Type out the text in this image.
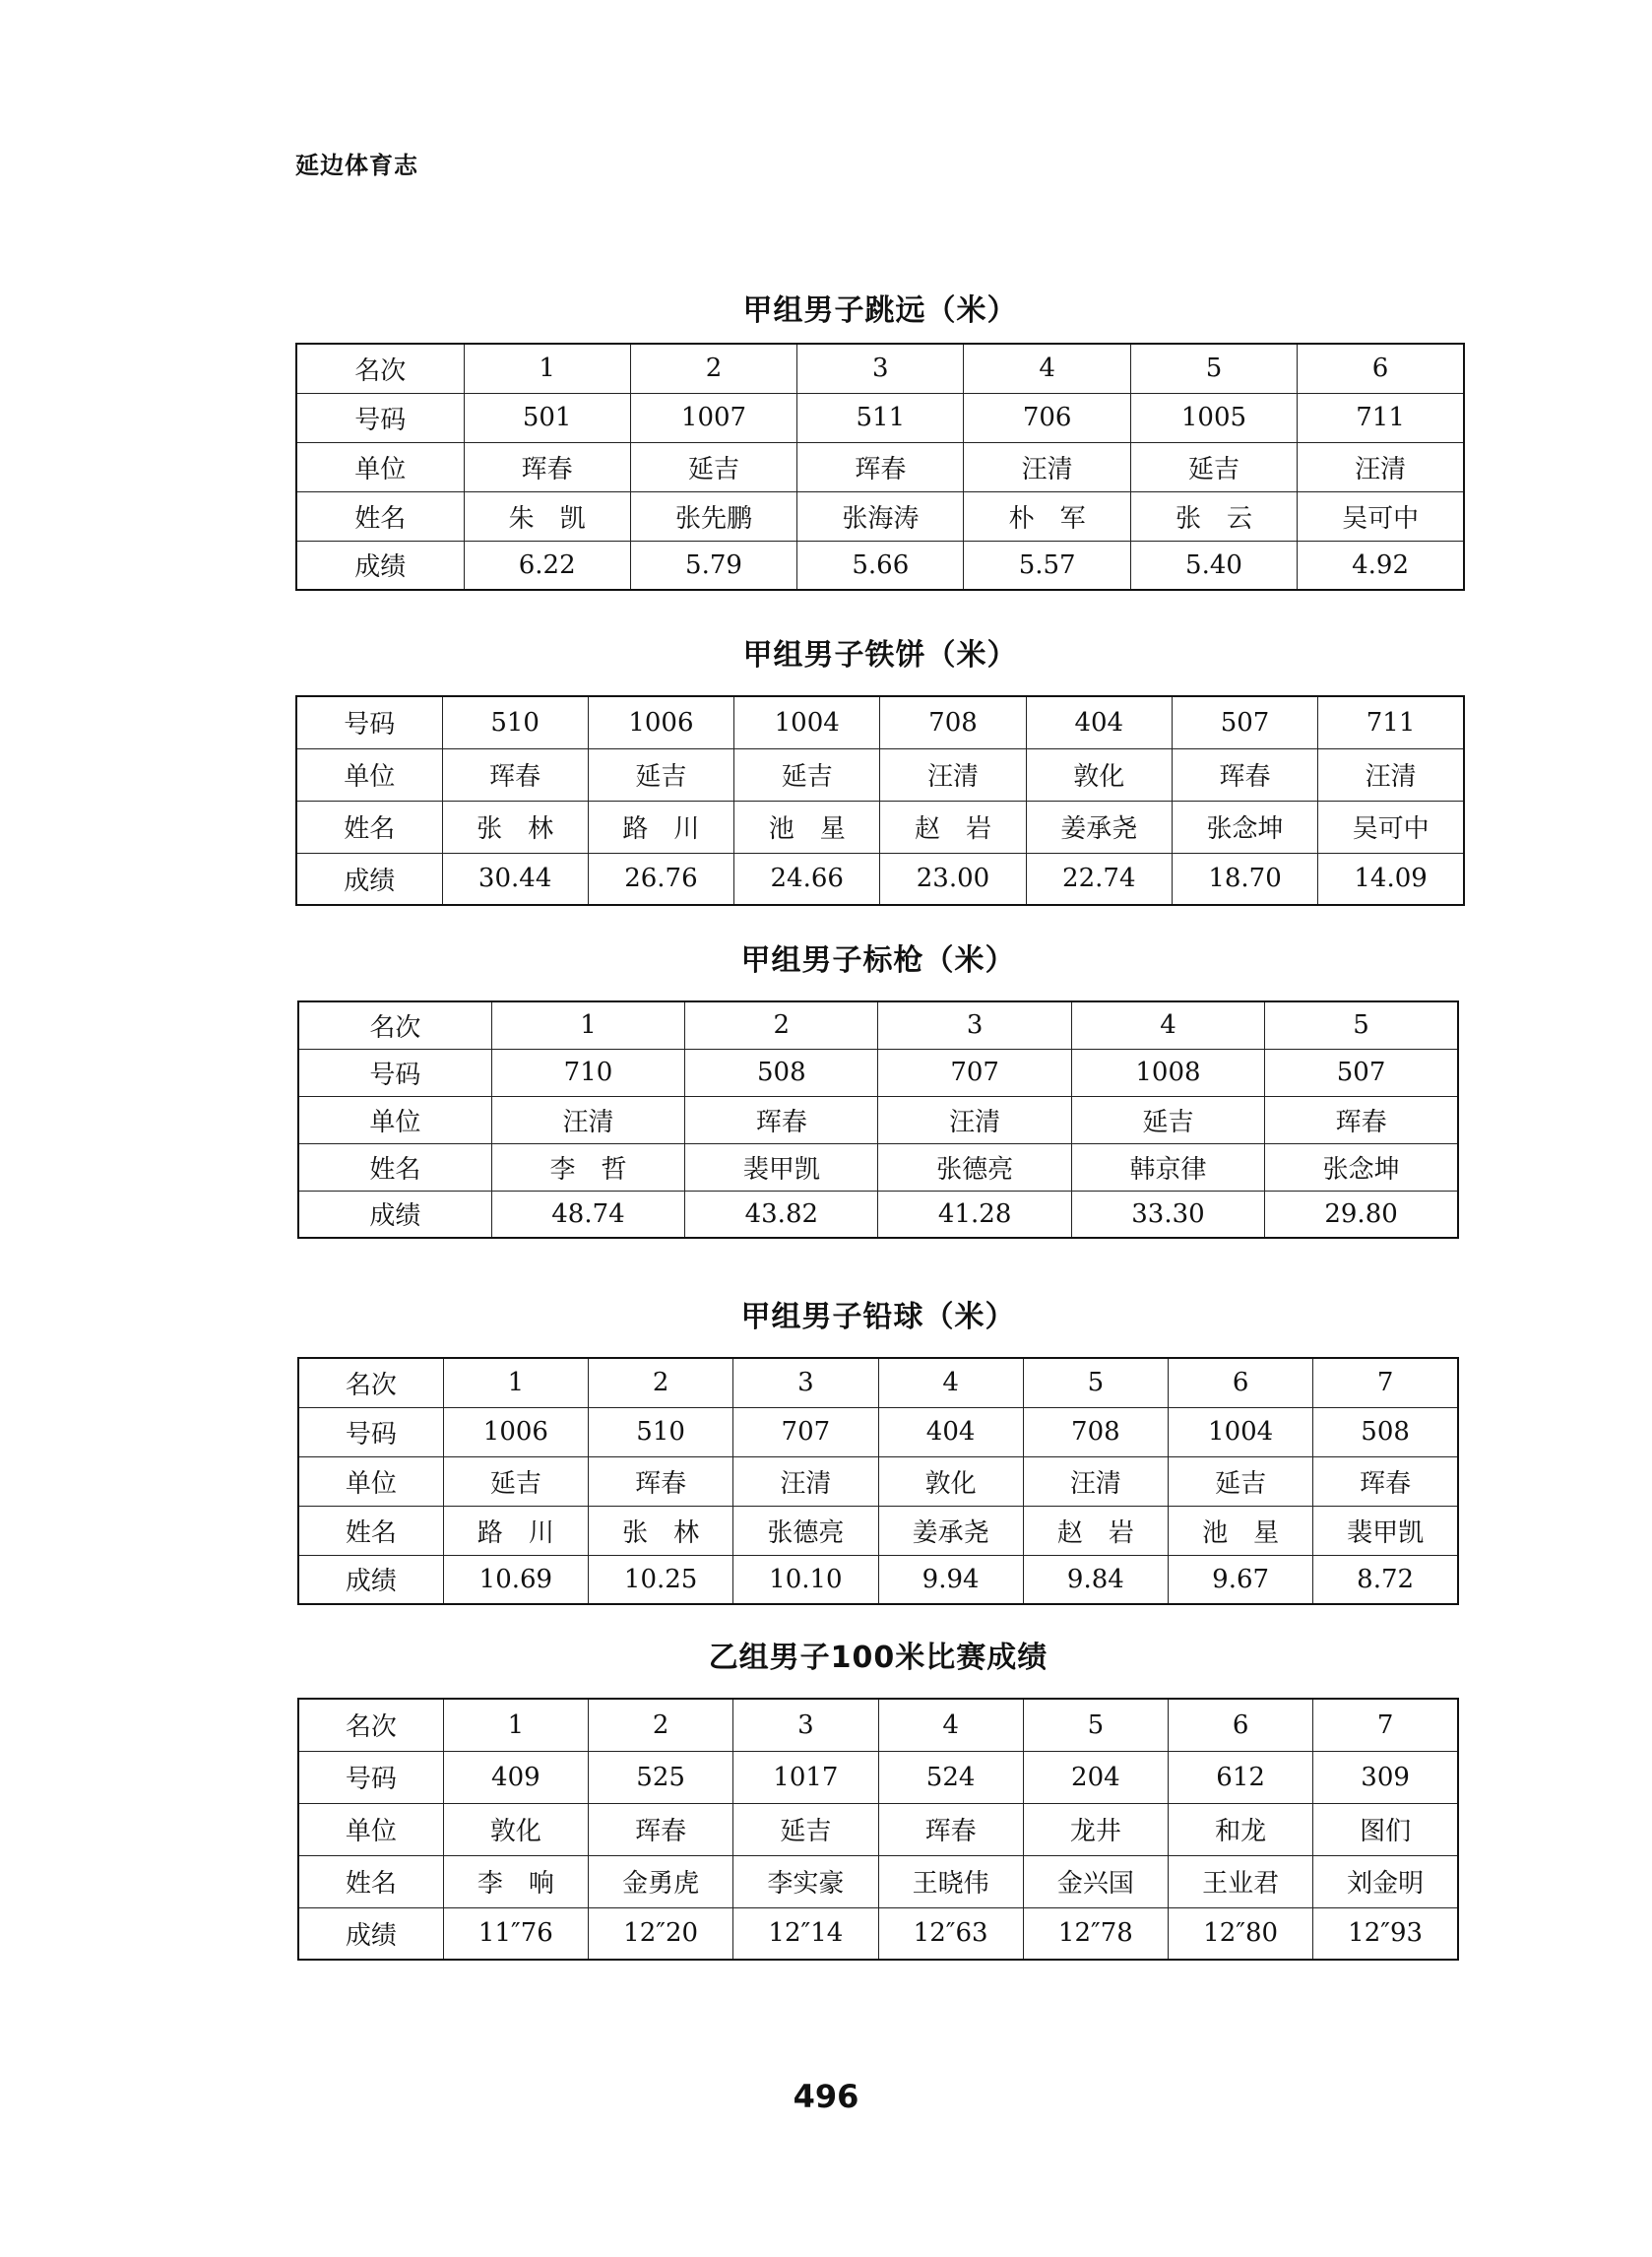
延边体育志
甲组男子跳远（米）
名次	1	2	3	4	5	6
号码	501	1007	511	706	1005	711
单位	珲春	延吉	珲春	汪清	延吉	汪清
姓名	朱　凯	张先鹏	张海涛	朴　军	张　云	吴可中
成绩	6.22	5.79	5.66	5.57	5.40	4.92
甲组男子铁饼（米）
号码	510	1006	1004	708	404	507	711
单位	珲春	延吉	延吉	汪清	敦化	珲春	汪清
姓名	张　林	路　川	池　星	赵　岩	姜承尧	张念坤	吴可中
成绩	30.44	26.76	24.66	23.00	22.74	18.70	14.09
甲组男子标枪（米）
名次	1	2	3	4	5
号码	710	508	707	1008	507
单位	汪清	珲春	汪清	延吉	珲春
姓名	李　哲	裴甲凯	张德亮	韩京律	张念坤
成绩	48.74	43.82	41.28	33.30	29.80
甲组男子铅球（米）
名次	1	2	3	4	5	6	7
号码	1006	510	707	404	708	1004	508
单位	延吉	珲春	汪清	敦化	汪清	延吉	珲春
姓名	路　川	张　林	张德亮	姜承尧	赵　岩	池　星	裴甲凯
成绩	10.69	10.25	10.10	9.94	9.84	9.67	8.72
乙组男子100米比赛成绩
名次	1	2	3	4	5	6	7
号码	409	525	1017	524	204	612	309
单位	敦化	珲春	延吉	珲春	龙井	和龙	图们
姓名	李　响	金勇虎	李实豪	王晓伟	金兴国	王业君	刘金明
成绩	11″76	12″20	12″14	12″63	12″78	12″80	12″93
496
